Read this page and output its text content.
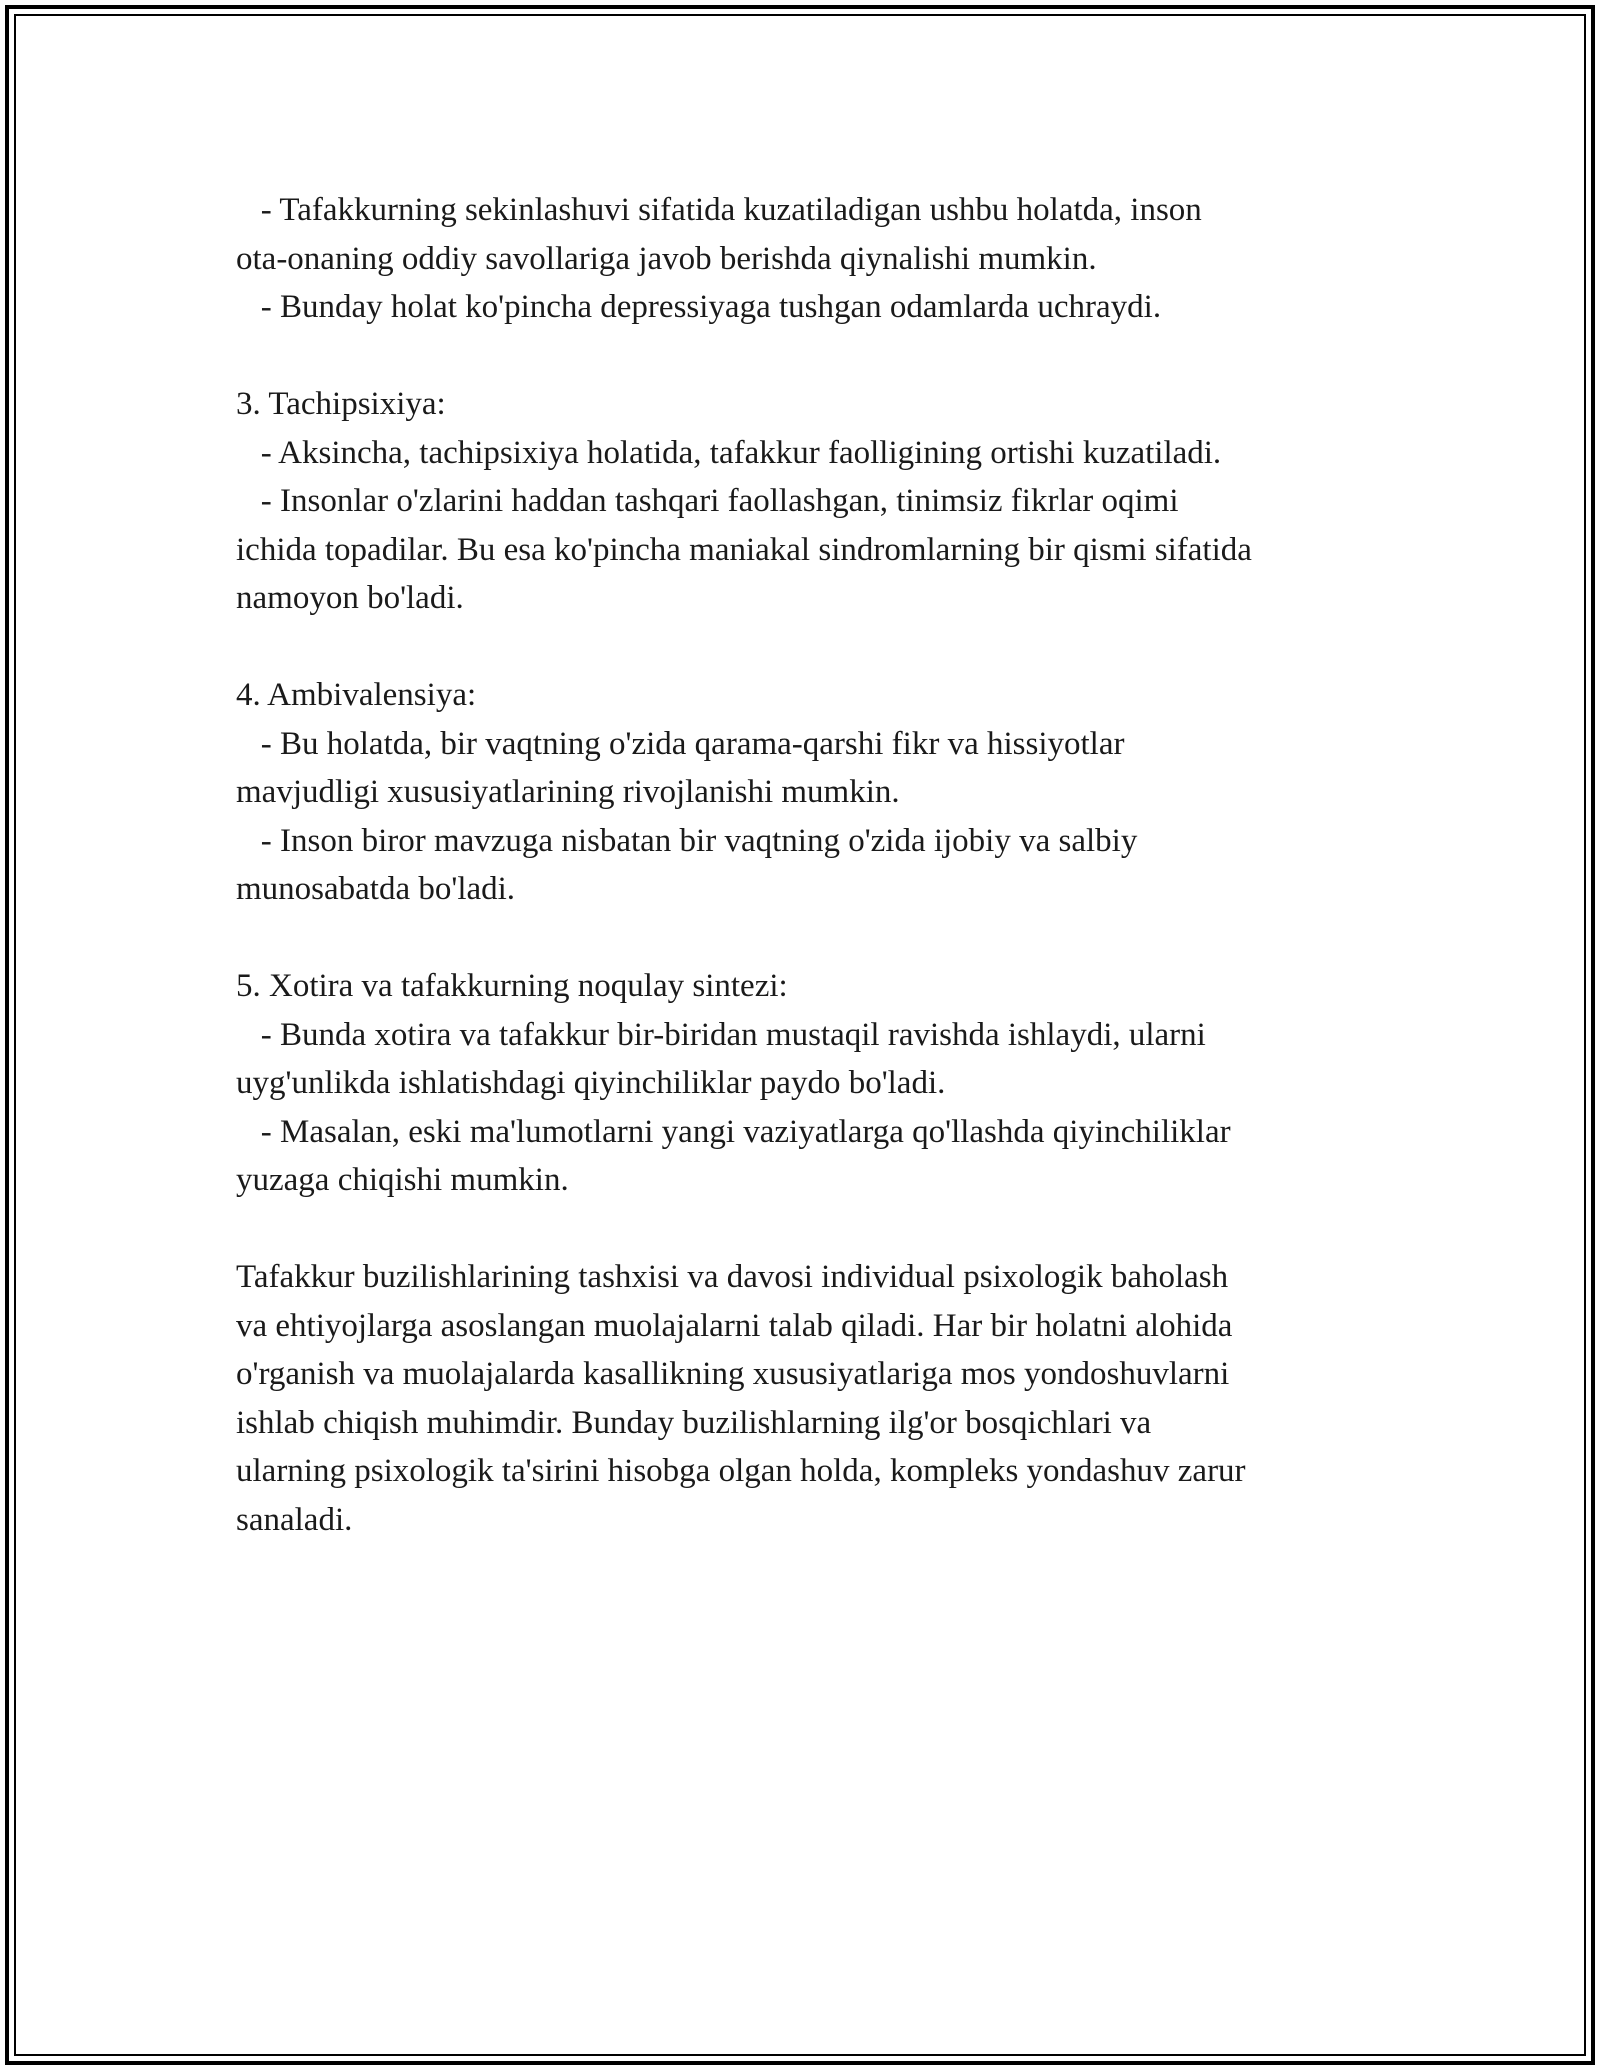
- Tafakkurning sekinlashuvi sifatida kuzatiladigan ushbu holatda, inson
ota-onaning oddiy savollariga javob berishda qiynalishi mumkin.
- Bunday holat ko'pincha depressiyaga tushgan odamlarda uchraydi.
3. Tachipsixiya:
- Aksincha, tachipsixiya holatida, tafakkur faolligining ortishi kuzatiladi.
- Insonlar o'zlarini haddan tashqari faollashgan, tinimsiz fikrlar oqimi
ichida topadilar. Bu esa ko'pincha maniakal sindromlarning bir qismi sifatida
namoyon bo'ladi.
4. Ambivalensiya:
- Bu holatda, bir vaqtning o'zida qarama-qarshi fikr va hissiyotlar
mavjudligi xususiyatlarining rivojlanishi mumkin.
- Inson biror mavzuga nisbatan bir vaqtning o'zida ijobiy va salbiy
munosabatda bo'ladi.
5. Xotira va tafakkurning noqulay sintezi:
- Bunda xotira va tafakkur bir-biridan mustaqil ravishda ishlaydi, ularni
uyg'unlikda ishlatishdagi qiyinchiliklar paydo bo'ladi.
- Masalan, eski ma'lumotlarni yangi vaziyatlarga qo'llashda qiyinchiliklar
yuzaga chiqishi mumkin.
Tafakkur buzilishlarining tashxisi va davosi individual psixologik baholash
va ehtiyojlarga asoslangan muolajalarni talab qiladi. Har bir holatni alohida
o'rganish va muolajalarda kasallikning xususiyatlariga mos yondoshuvlarni
ishlab chiqish muhimdir. Bunday buzilishlarning ilg'or bosqichlari va
ularning psixologik ta'sirini hisobga olgan holda, kompleks yondashuv zarur
sanaladi.
